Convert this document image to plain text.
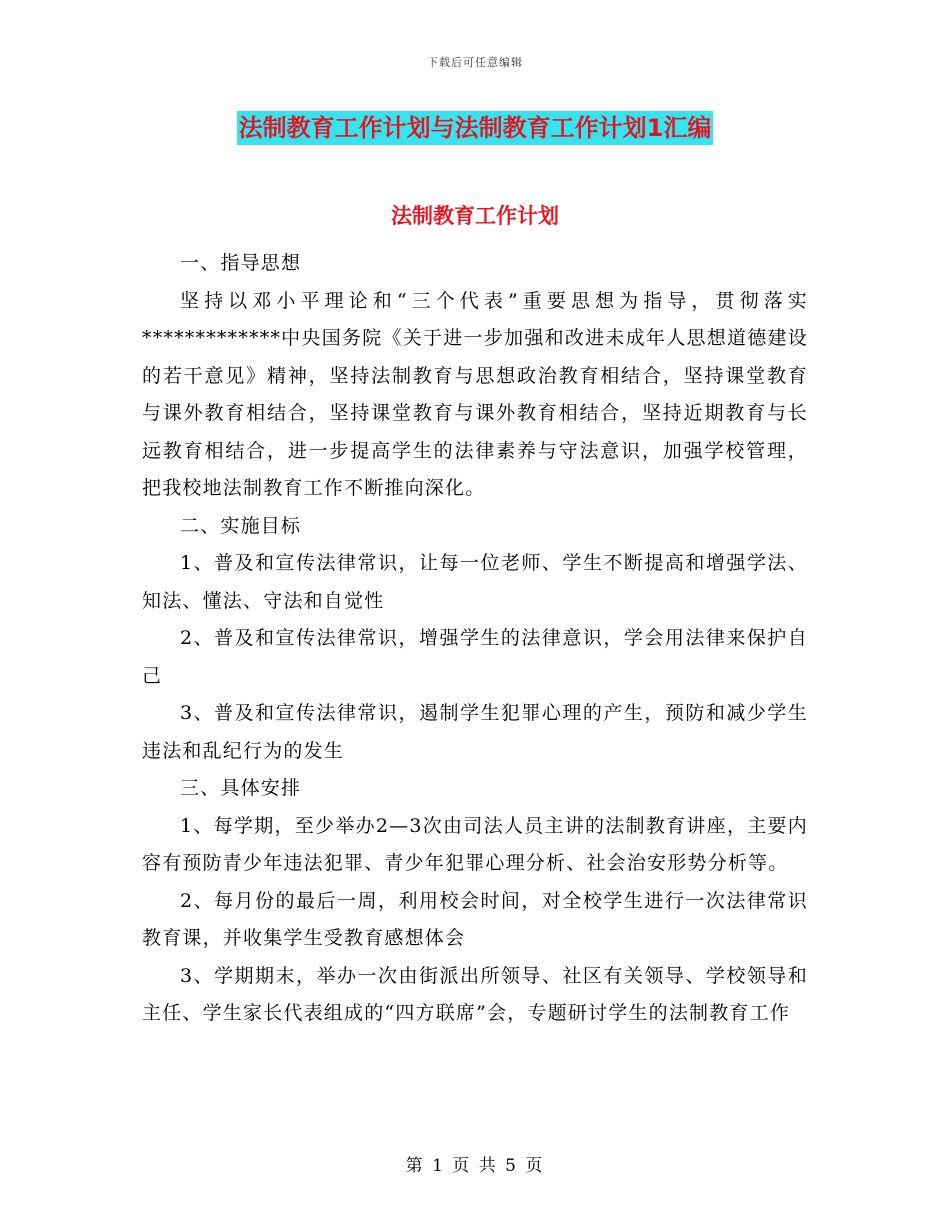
下载后可任意编辑
法制教育工作计划与法制教育工作计划1汇编
法制教育工作计划

一、指导思想

坚持以邓小平理论和“三个代表”重要思想为指导，贯彻落实*************中央国务院《关于进一步加强和改进未成年人思想道德建设的若干意见》精神，坚持法制教育与思想政治教育相结合，坚持课堂教育与课外教育相结合，坚持课堂教育与课外教育相结合，坚持近期教育与长远教育相结合，进一步提高学生的法律素养与守法意识，加强学校管理，把我校地法制教育工作不断推向深化。

二、实施目标

1、普及和宣传法律常识，让每一位老师、学生不断提高和增强学法、知法、懂法、守法和自觉性

2、普及和宣传法律常识，增强学生的法律意识，学会用法律来保护自己

3、普及和宣传法律常识，遏制学生犯罪心理的产生，预防和减少学生违法和乱纪行为的发生

三、具体安排

1、每学期，至少举办2—3次由司法人员主讲的法制教育讲座，主要内容有预防青少年违法犯罪、青少年犯罪心理分析、社会治安形势分析等。

2、每月份的最后一周，利用校会时间，对全校学生进行一次法律常识教育课，并收集学生受教育感想体会

3、学期期末，举办一次由街派出所领导、社区有关领导、学校领导和主任、学生家长代表组成的“四方联席”会，专题研讨学生的法制教育工作

第 1 页 共 5 页
